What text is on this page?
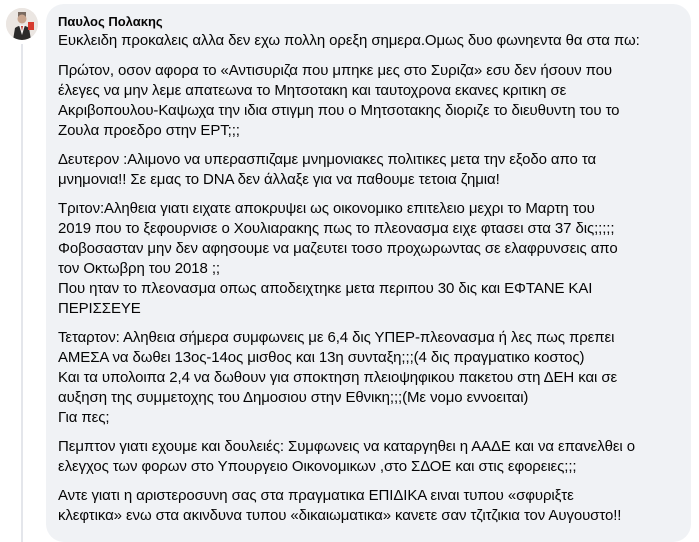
Παυλος Πολακης
Ευκλειδη προκαλεις αλλα δεν εχω πολλη ορεξη σημερα.Ομως δυο φωνηεντα θα στα πω:
Πρώτον, οσον αφορα το «Αντισυριζα που μπηκε μες στο Συριζα» εσυ δεν ήσουν που
έλεγες να μην λεμε απατεωνα το Μητσοτακη και ταυτοχρονα εκανες κριτικη σε
Ακριβοπουλου-Καψωχα την ιδια στιγμη που ο Μητσοτακης διοριζε το διευθυντη του το
Ζουλα προεδρο στην ΕΡΤ;;;
Δευτερον :Αλιμονο να υπερασπιζαμε μνημονιακες πολιτικες μετα την εξοδο απο τα
μνημονια!! Σε εμας το DNA δεν άλλαξε για να παθουμε τετοια ζημια!
Τριτον:Αληθεια γιατι ειχατε αποκρυψει ως οικονομικο επιτελειο μεχρι το Μαρτη του
2019 που το ξεφουρνισε ο Χουλιαρακης πως το πλεονασμα ειχε φτασει στα 37 δις;;;;;
Φοβοσασταν μην δεν αφησουμε να μαζευτει τοσο προχωρωντας σε ελαφρυνσεις απο
τον Οκτωβρη του 2018 ;;
Που ηταν το πλεονασμα οπως αποδειχτηκε μετα περιπου 30 δις και ΕΦΤΑΝΕ ΚΑΙ
ΠΕΡΙΣΣΕΥΕ
Τεταρτον: Αληθεια σήμερα συμφωνεις με 6,4 δις ΥΠΕΡ-πλεονασμα ή λες πως πρεπει
ΑΜΕΣΑ να δωθει 13ος-14ος μισθος και 13η συνταξη;;;(4 δις πραγματικο κοστος)
Και τα υπολοιπα 2,4 να δωθουν για σποκτηση πλειοψηφικου πακετου στη ΔΕΗ και σε
αυξηση της συμμετοχης του Δημοσιου στην Εθνικη;;;(Με νομο εννοειται)
Για πες;
Πεμπτον γιατι εχουμε και δουλειές: Συμφωνεις να καταργηθει η ΑΑΔΕ και να επανελθει ο
ελεγχος των φορων στο Υπουργειο Οικονομικων ,στο ΣΔΟΕ και στις εφορειες;;;
Αντε γιατι η αριστεροσυνη σας στα πραγματικα ΕΠΙΔΙΚΑ ειναι τυπου «σφυριξτε
κλεφτικα» ενω στα ακινδυνα τυπου «δικαιωματικα» κανετε σαν τζιτζικια τον Αυγουστο!!
